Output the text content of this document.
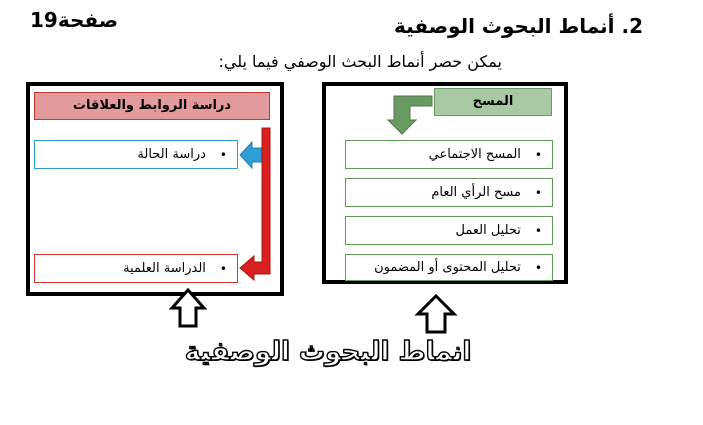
صفحة19	2. أنماط البحوث الوصفية
يمكن حصر أنماط البحث الوصفي فيما يلي:
دراسة الروابط والعلاقات
•
دراسة الحالة
•
الدراسة العلمية
المسح
•
المسح الاجتماعي
•
مسح الرأي العام
•
تحليل العمل
•
تحليل المحتوى أو المضمون
انماط البحوث الوصفية
